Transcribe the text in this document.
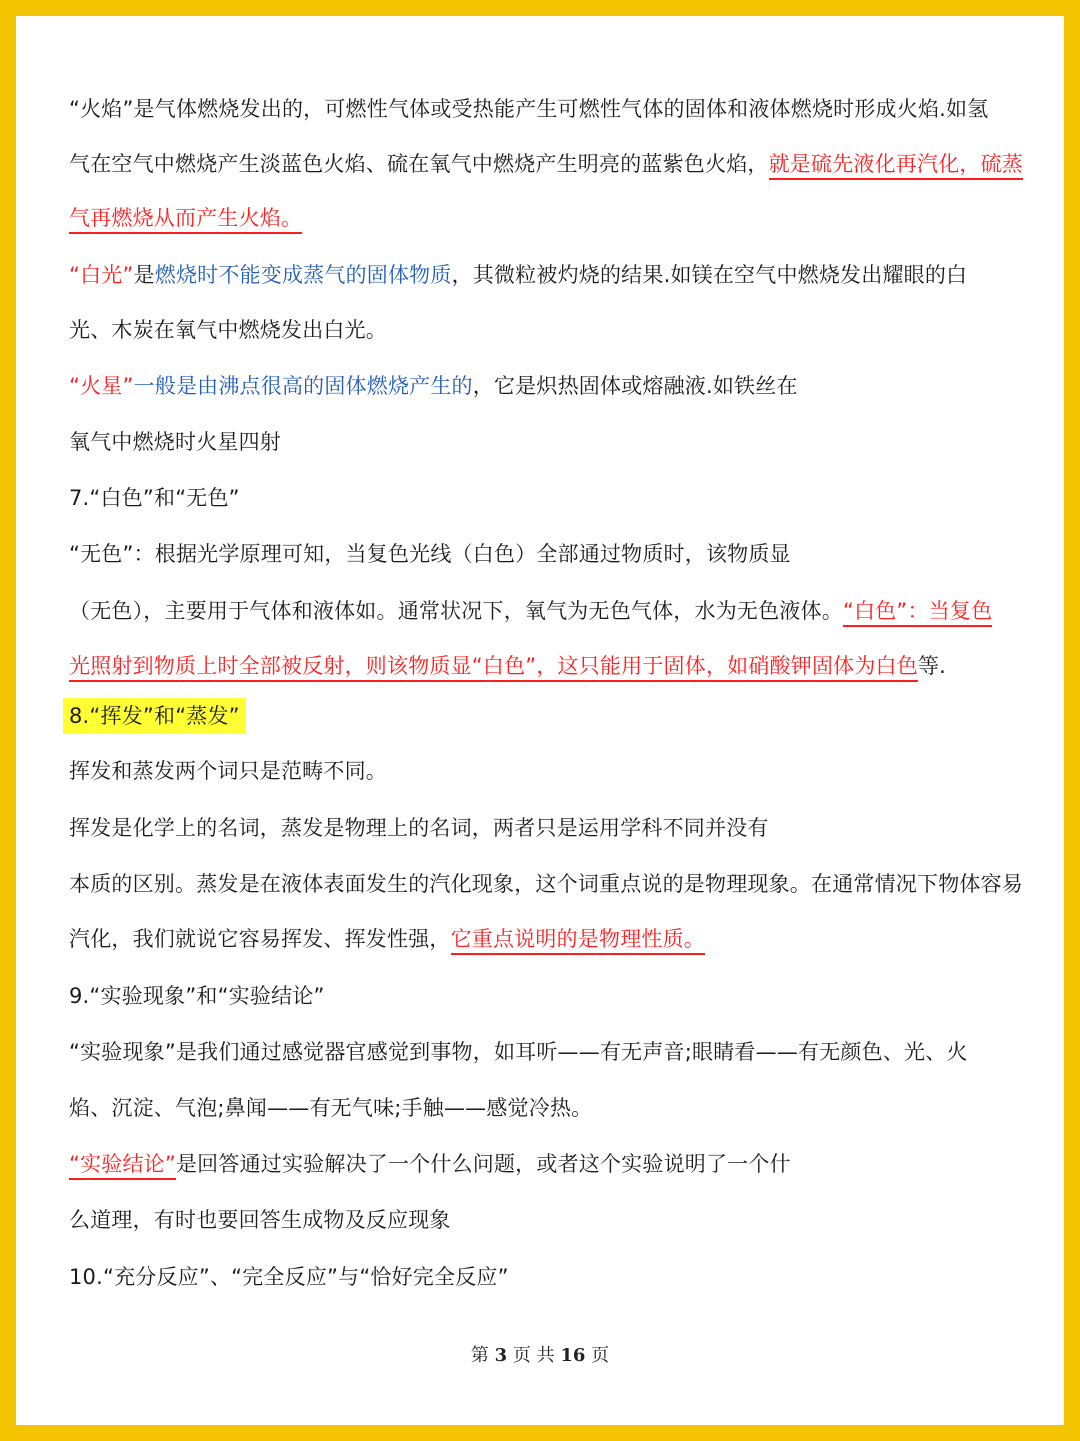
“火焰”是气体燃烧发出的，可燃性气体或受热能产生可燃性气体的固体和液体燃烧时形成火焰.如氢
气在空气中燃烧产生淡蓝色火焰、硫在氧气中燃烧产生明亮的蓝紫色火焰，就是硫先液化再汽化，硫蒸
气再燃烧从而产生火焰。
“白光”是燃烧时不能变成蒸气的固体物质，其微粒被灼烧的结果.如镁在空气中燃烧发出耀眼的白
光、木炭在氧气中燃烧发出白光。
“火星”一般是由沸点很高的固体燃烧产生的，它是炽热固体或熔融液.如铁丝在
氧气中燃烧时火星四射
7.“白色”和“无色”
“无色”：根据光学原理可知，当复色光线（白色）全部通过物质时，该物质显
（无色），主要用于气体和液体如。通常状况下，氧气为无色气体，水为无色液体。“白色”：当复色
光照射到物质上时全部被反射，则该物质显“白色”，这只能用于固体，如硝酸钾固体为白色等.
8.“挥发”和“蒸发”
挥发和蒸发两个词只是范畴不同。
挥发是化学上的名词，蒸发是物理上的名词，两者只是运用学科不同并没有
本质的区别。蒸发是在液体表面发生的汽化现象，这个词重点说的是物理现象。在通常情况下物体容易
汽化，我们就说它容易挥发、挥发性强，它重点说明的是物理性质。
9.“实验现象”和“实验结论”
“实验现象”是我们通过感觉器官感觉到事物，如耳听——有无声音;眼睛看——有无颜色、光、火
焰、沉淀、气泡;鼻闻——有无气味;手触——感觉冷热。
“实验结论”是回答通过实验解决了一个什么问题，或者这个实验说明了一个什
么道理，有时也要回答生成物及反应现象
10.“充分反应”、“完全反应”与“恰好完全反应”
第 3 页 共 16 页
